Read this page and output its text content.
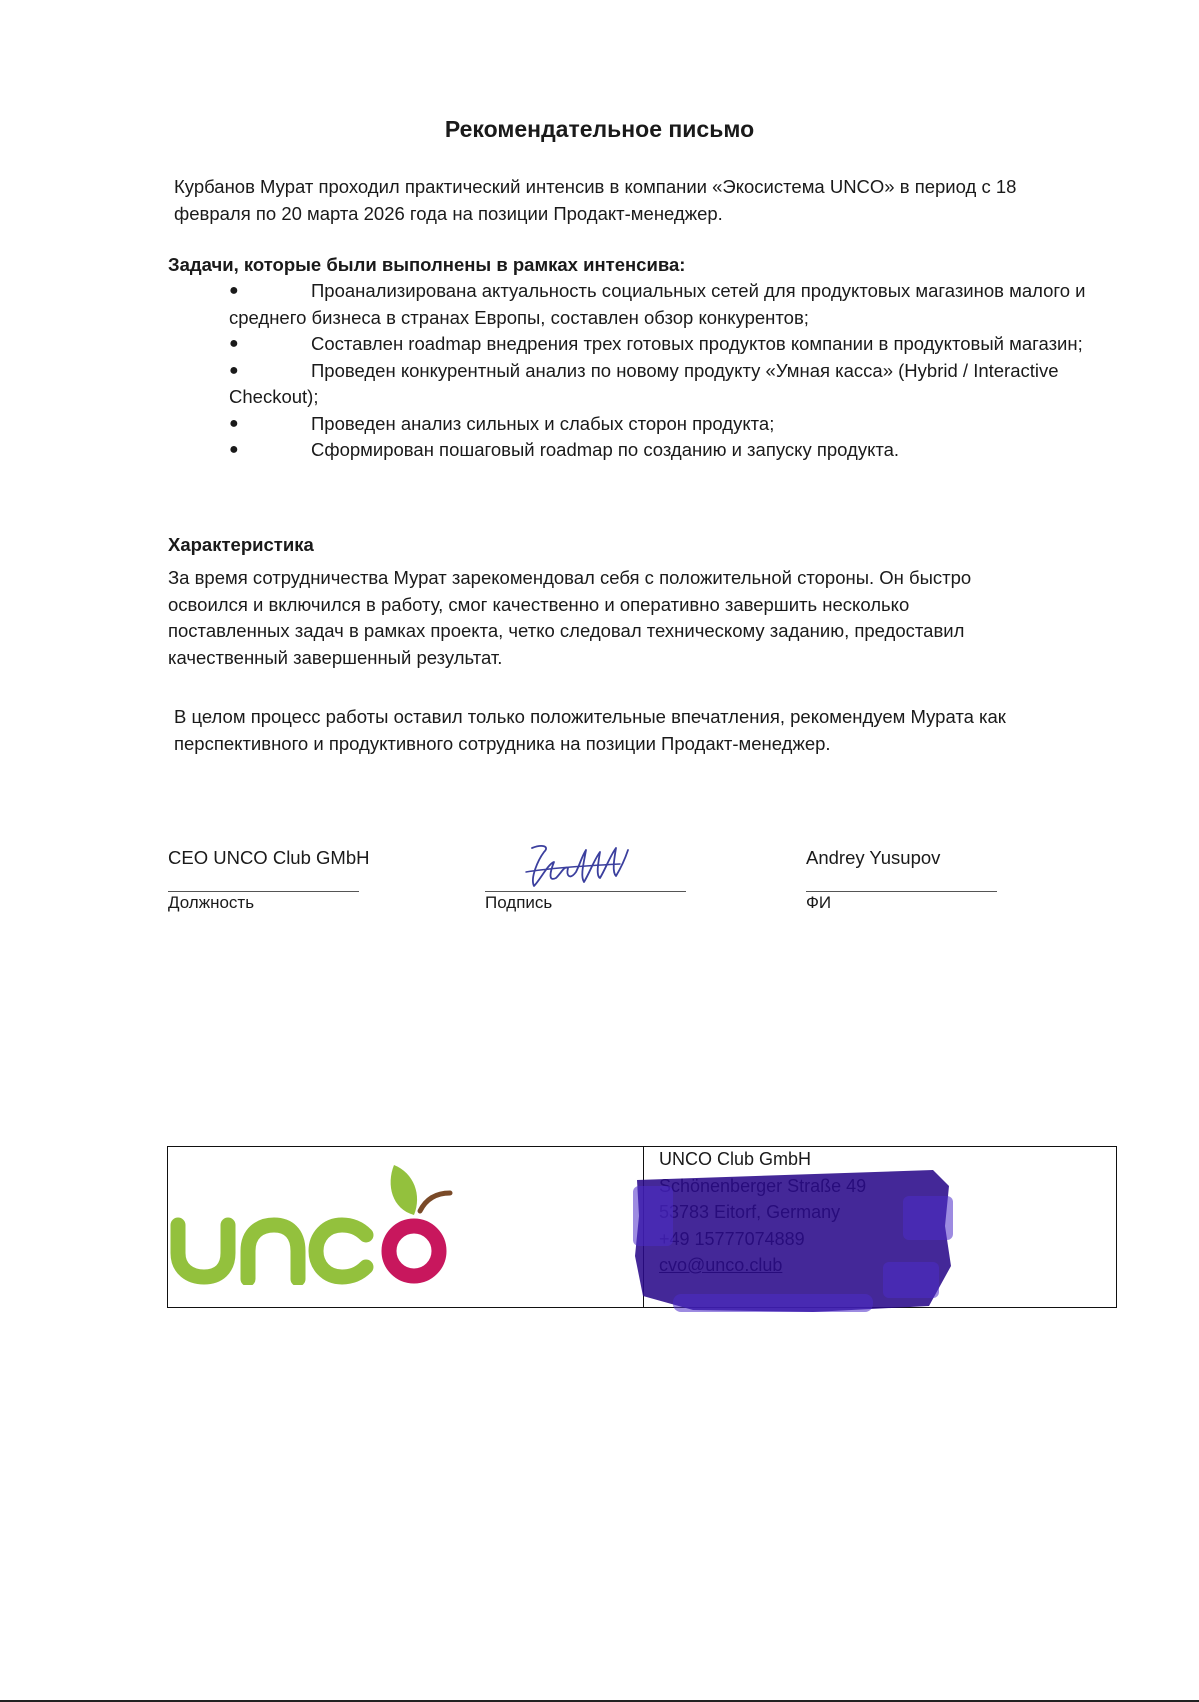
Рекомендательное письмо
Курбанов Мурат проходил практический интенсив в компании «Экосистема UNCO» в период с 18
февраля по 20 марта 2026 года на позиции Продакт-менеджер.
Задачи, которые были выполнены в рамках интенсива:
●	Проанализирована актуальность социальных сетей для продуктовых магазинов малого и среднего бизнеса в странах Европы, составлен обзор конкурентов;
●	Составлен roadmap внедрения трех готовых продуктов компании в продуктовый магазин;
●	Проведен конкурентный анализ по новому продукту «Умная касса» (Hybrid / Interactive Checkout);
●	Проведен анализ сильных и слабых сторон продукта;
●	Сформирован пошаговый roadmap по созданию и запуску продукта.
Характеристика
За время сотрудничества Мурат зарекомендовал себя с положительной стороны. Он быстро
освоился и включился в работу, смог качественно и оперативно завершить несколько
поставленных задач в рамках проекта, четко следовал техническому заданию, предоставил
качественный завершенный результат.
В целом процесс работы оставил только положительные впечатления, рекомендуем Мурата как
перспективного и продуктивного сотрудника на позиции Продакт-менеджер.
CEO UNCO Club GMbH
Должность	Подпись
Andrey Yusupov
ФИ
UNCO Club GmbH
